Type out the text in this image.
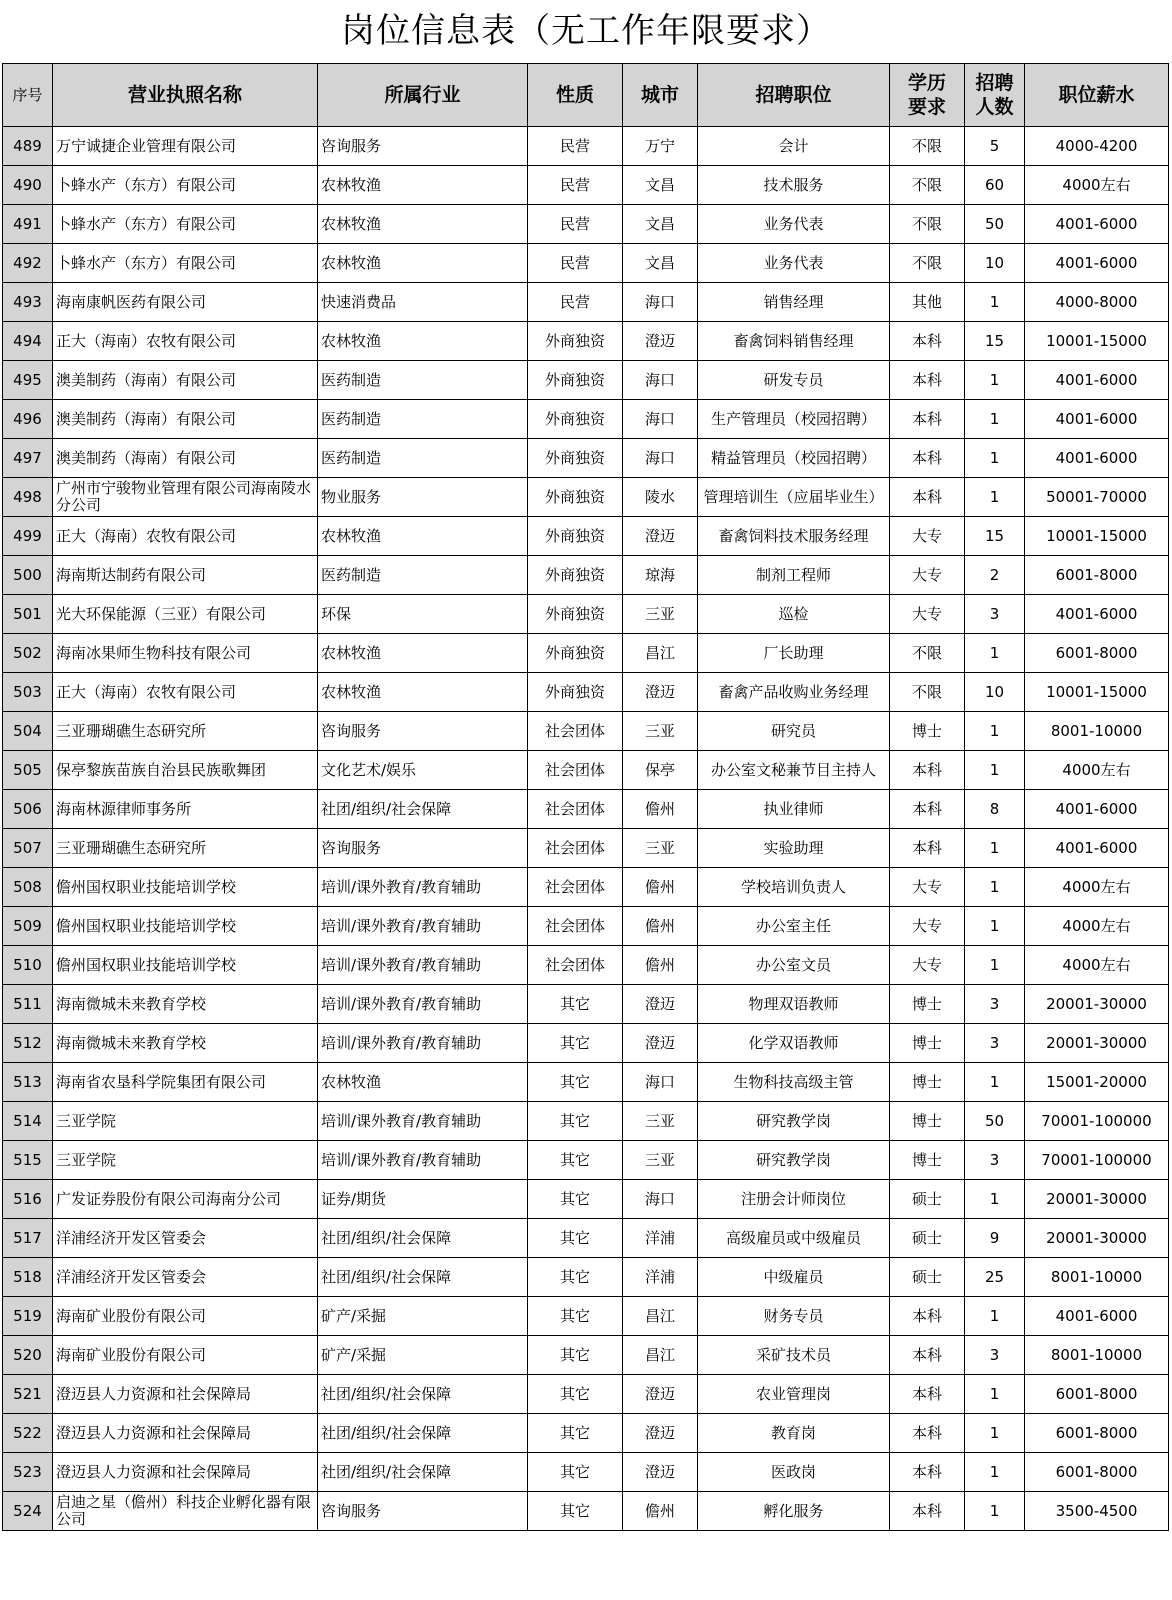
岗位信息表（无工作年限要求）
序号	营业执照名称	所属行业	性质	城市	招聘职位	学历要求	招聘人数	职位薪水
489	万宁诚捷企业管理有限公司	咨询服务	民营	万宁	会计	不限	5	4000-4200
490	卜蜂水产（东方）有限公司	农林牧渔	民营	文昌	技术服务	不限	60	4000左右
491	卜蜂水产（东方）有限公司	农林牧渔	民营	文昌	业务代表	不限	50	4001-6000
492	卜蜂水产（东方）有限公司	农林牧渔	民营	文昌	业务代表	不限	10	4001-6000
493	海南康帆医药有限公司	快速消费品	民营	海口	销售经理	其他	1	4000-8000
494	正大（海南）农牧有限公司	农林牧渔	外商独资	澄迈	畜禽饲料销售经理	本科	15	10001-15000
495	澳美制药（海南）有限公司	医药制造	外商独资	海口	研发专员	本科	1	4001-6000
496	澳美制药（海南）有限公司	医药制造	外商独资	海口	生产管理员（校园招聘）	本科	1	4001-6000
497	澳美制药（海南）有限公司	医药制造	外商独资	海口	精益管理员（校园招聘）	本科	1	4001-6000
498	广州市宁骏物业管理有限公司海南陵水分公司	物业服务	外商独资	陵水	管理培训生（应届毕业生）	本科	1	50001-70000
499	正大（海南）农牧有限公司	农林牧渔	外商独资	澄迈	畜禽饲料技术服务经理	大专	15	10001-15000
500	海南斯达制药有限公司	医药制造	外商独资	琼海	制剂工程师	大专	2	6001-8000
501	光大环保能源（三亚）有限公司	环保	外商独资	三亚	巡检	大专	3	4001-6000
502	海南冰果师生物科技有限公司	农林牧渔	外商独资	昌江	厂长助理	不限	1	6001-8000
503	正大（海南）农牧有限公司	农林牧渔	外商独资	澄迈	畜禽产品收购业务经理	不限	10	10001-15000
504	三亚珊瑚礁生态研究所	咨询服务	社会团体	三亚	研究员	博士	1	8001-10000
505	保亭黎族苗族自治县民族歌舞团	文化艺术/娱乐	社会团体	保亭	办公室文秘兼节目主持人	本科	1	4000左右
506	海南林源律师事务所	社团/组织/社会保障	社会团体	儋州	执业律师	本科	8	4001-6000
507	三亚珊瑚礁生态研究所	咨询服务	社会团体	三亚	实验助理	本科	1	4001-6000
508	儋州国权职业技能培训学校	培训/课外教育/教育辅助	社会团体	儋州	学校培训负责人	大专	1	4000左右
509	儋州国权职业技能培训学校	培训/课外教育/教育辅助	社会团体	儋州	办公室主任	大专	1	4000左右
510	儋州国权职业技能培训学校	培训/课外教育/教育辅助	社会团体	儋州	办公室文员	大专	1	4000左右
511	海南微城未来教育学校	培训/课外教育/教育辅助	其它	澄迈	物理双语教师	博士	3	20001-30000
512	海南微城未来教育学校	培训/课外教育/教育辅助	其它	澄迈	化学双语教师	博士	3	20001-30000
513	海南省农垦科学院集团有限公司	农林牧渔	其它	海口	生物科技高级主管	博士	1	15001-20000
514	三亚学院	培训/课外教育/教育辅助	其它	三亚	研究教学岗	博士	50	70001-100000
515	三亚学院	培训/课外教育/教育辅助	其它	三亚	研究教学岗	博士	3	70001-100000
516	广发证券股份有限公司海南分公司	证券/期货	其它	海口	注册会计师岗位	硕士	1	20001-30000
517	洋浦经济开发区管委会	社团/组织/社会保障	其它	洋浦	高级雇员或中级雇员	硕士	9	20001-30000
518	洋浦经济开发区管委会	社团/组织/社会保障	其它	洋浦	中级雇员	硕士	25	8001-10000
519	海南矿业股份有限公司	矿产/采掘	其它	昌江	财务专员	本科	1	4001-6000
520	海南矿业股份有限公司	矿产/采掘	其它	昌江	采矿技术员	本科	3	8001-10000
521	澄迈县人力资源和社会保障局	社团/组织/社会保障	其它	澄迈	农业管理岗	本科	1	6001-8000
522	澄迈县人力资源和社会保障局	社团/组织/社会保障	其它	澄迈	教育岗	本科	1	6001-8000
523	澄迈县人力资源和社会保障局	社团/组织/社会保障	其它	澄迈	医政岗	本科	1	6001-8000
524	启迪之星（儋州）科技企业孵化器有限公司	咨询服务	其它	儋州	孵化服务	本科	1	3500-4500
